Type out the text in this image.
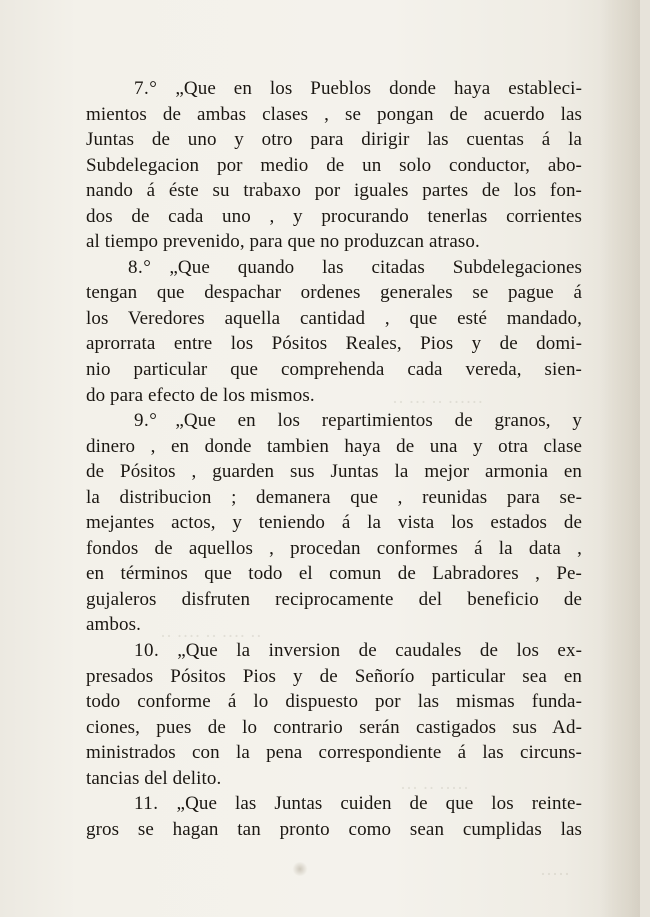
·· ··· ·· ······
·· ···· ·· ···· ··
··· ·· ·····
·····
7.° „Que en los Pueblos donde haya estableci-
mientos de ambas clases , se pongan de acuerdo las
Juntas de uno y otro para dirigir las cuentas á la
Subdelegacion por medio de un solo conductor, abo-
nando á éste su trabaxo por iguales partes de los fon-
dos de cada uno , y procurando tenerlas corrientes
al tiempo prevenido, para que no produzcan atraso.
8.° „Que quando las citadas Subdelegaciones
tengan que despachar ordenes generales se pague á
los Veredores aquella cantidad , que esté mandado,
aprorrata entre los Pósitos Reales, Pios y de domi-
nio particular que comprehenda cada vereda, sien-
do para efecto de los mismos.
9.° „Que en los repartimientos de granos, y
dinero , en donde tambien haya de una y otra clase
de Pósitos , guarden sus Juntas la mejor armonia en
la distribucion ; demanera que , reunidas para se-
mejantes actos, y teniendo á la vista los estados de
fondos de aquellos , procedan conformes á la data ,
en términos que todo el comun de Labradores , Pe-
gujaleros disfruten reciprocamente del beneficio de
ambos.
10. „Que la inversion de caudales de los ex-
presados Pósitos Pios y de Señorío particular sea en
todo conforme á lo dispuesto por las mismas funda-
ciones, pues de lo contrario serán castigados sus Ad-
ministrados con la pena correspondiente á las circuns-
tancias del delito.
11. „Que las Juntas cuiden de que los reinte-
gros se hagan tan pronto como sean cumplidas las
